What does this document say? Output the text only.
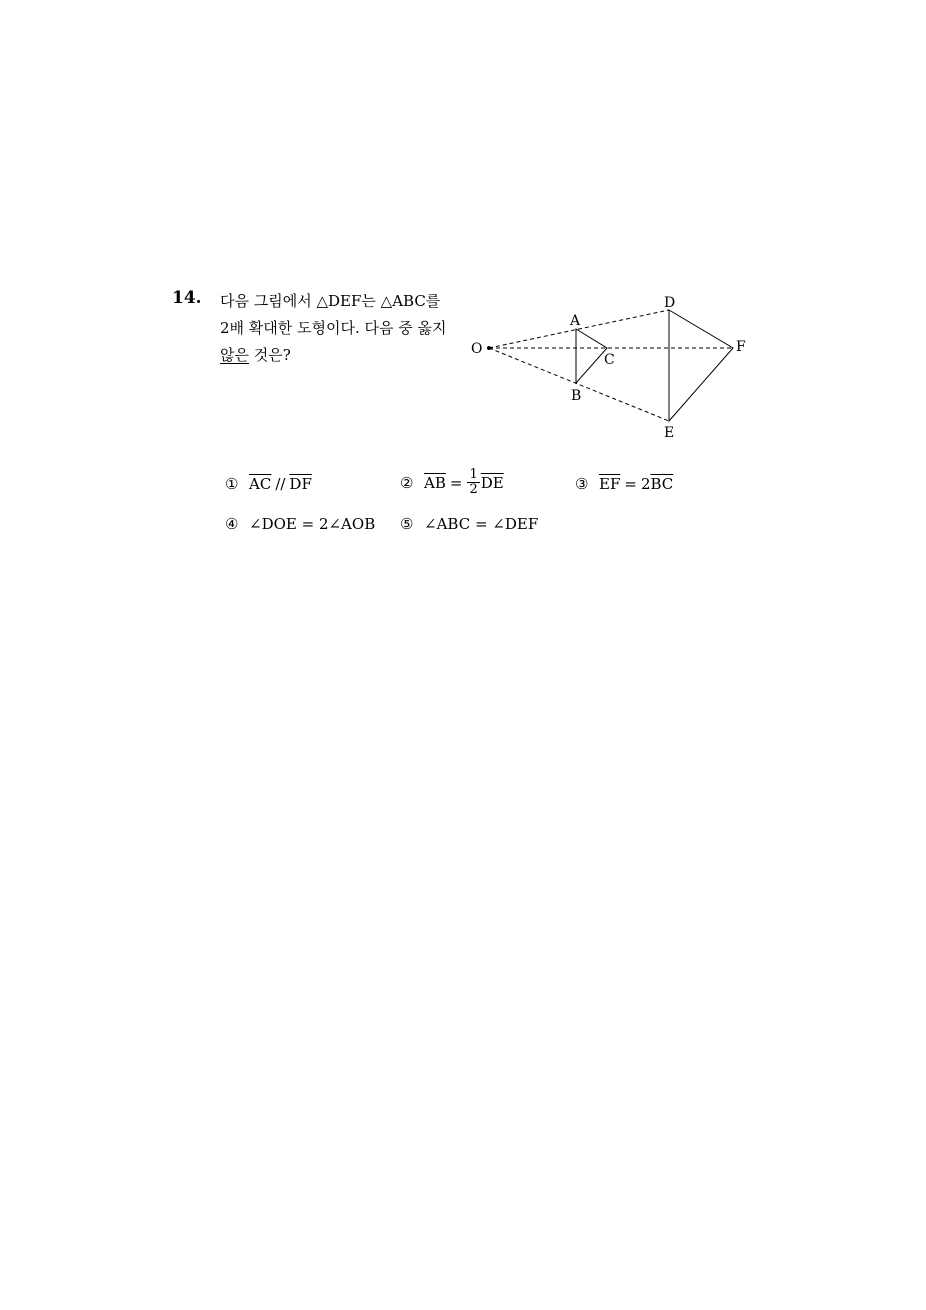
14. 다음 그림에서 △DEF는 △ABC를
2배 확대한 도형이다. 다음 중 옳지
않은 것은?	O
A
B
C
D
E
F
① $\overline{AC} // \overline{DF}$	② $\overline{AB} = \frac{1}{2} \overline{DE}$	③ $\overline{EF} = 2$ $\overline{BC}$
④ ∠DOE = 2∠AOB ⑤ ∠ABC = ∠DEF
